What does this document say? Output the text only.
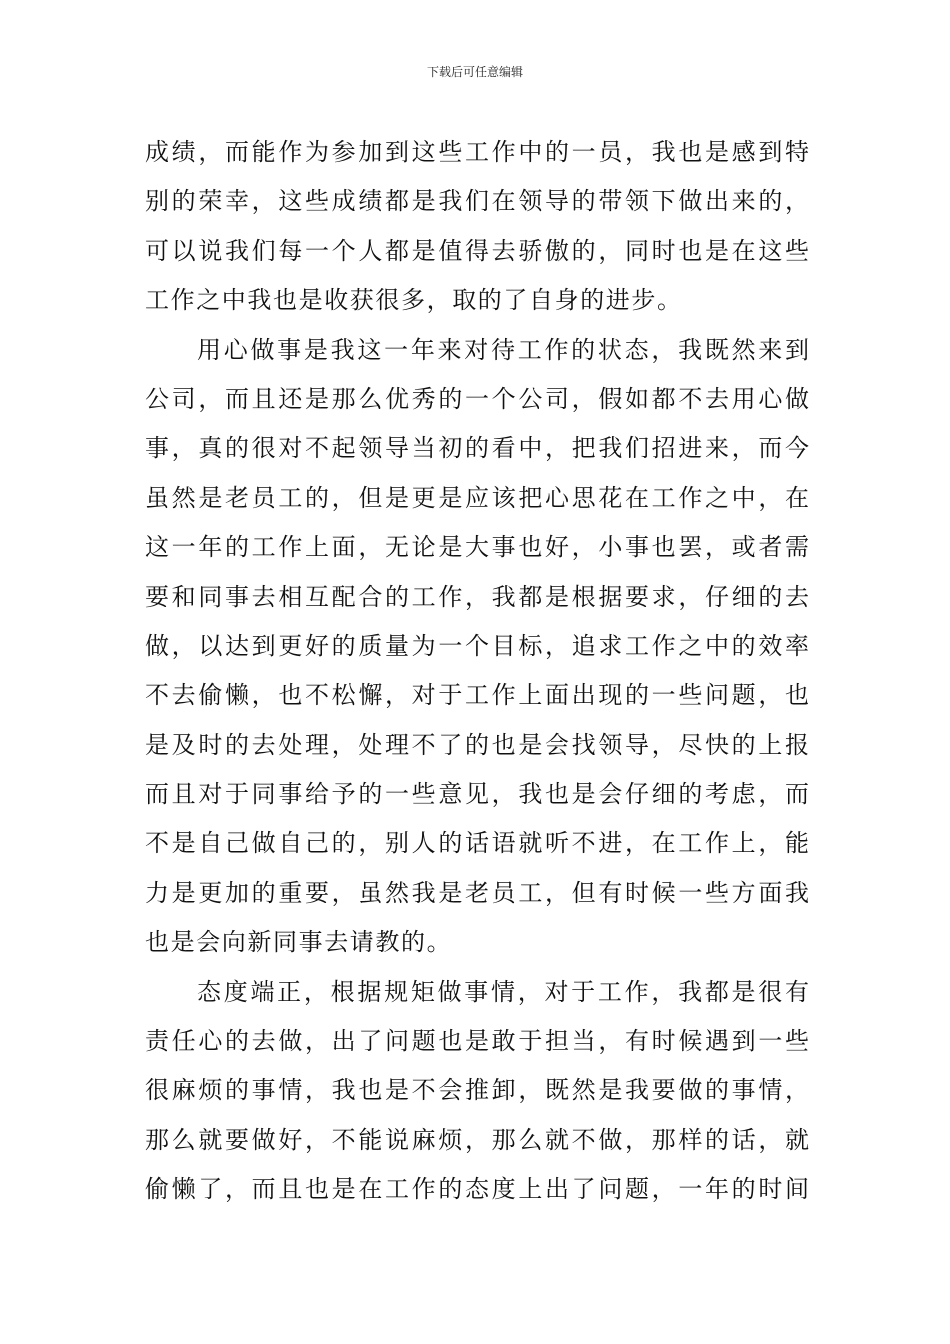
下载后可任意编辑
成绩，而能作为参加到这些工作中的一员，我也是感到特
别的荣幸，这些成绩都是我们在领导的带领下做出来的，
可以说我们每一个人都是值得去骄傲的，同时也是在这些
工作之中我也是收获很多，取的了自身的进步。
用心做事是我这一年来对待工作的状态，我既然来到
公司，而且还是那么优秀的一个公司，假如都不去用心做
事，真的很对不起领导当初的看中，把我们招进来，而今
虽然是老员工的，但是更是应该把心思花在工作之中，在
这一年的工作上面，无论是大事也好，小事也罢，或者需
要和同事去相互配合的工作，我都是根据要求，仔细的去
做，以达到更好的质量为一个目标，追求工作之中的效率
不去偷懒，也不松懈，对于工作上面出现的一些问题，也
是及时的去处理，处理不了的也是会找领导，尽快的上报
而且对于同事给予的一些意见，我也是会仔细的考虑，而
不是自己做自己的，别人的话语就听不进，在工作上，能
力是更加的重要，虽然我是老员工，但有时候一些方面我
也是会向新同事去请教的。
态度端正，根据规矩做事情，对于工作，我都是很有
责任心的去做，出了问题也是敢于担当，有时候遇到一些
很麻烦的事情，我也是不会推卸，既然是我要做的事情，
那么就要做好，不能说麻烦，那么就不做，那样的话，就
偷懒了，而且也是在工作的态度上出了问题，一年的时间
